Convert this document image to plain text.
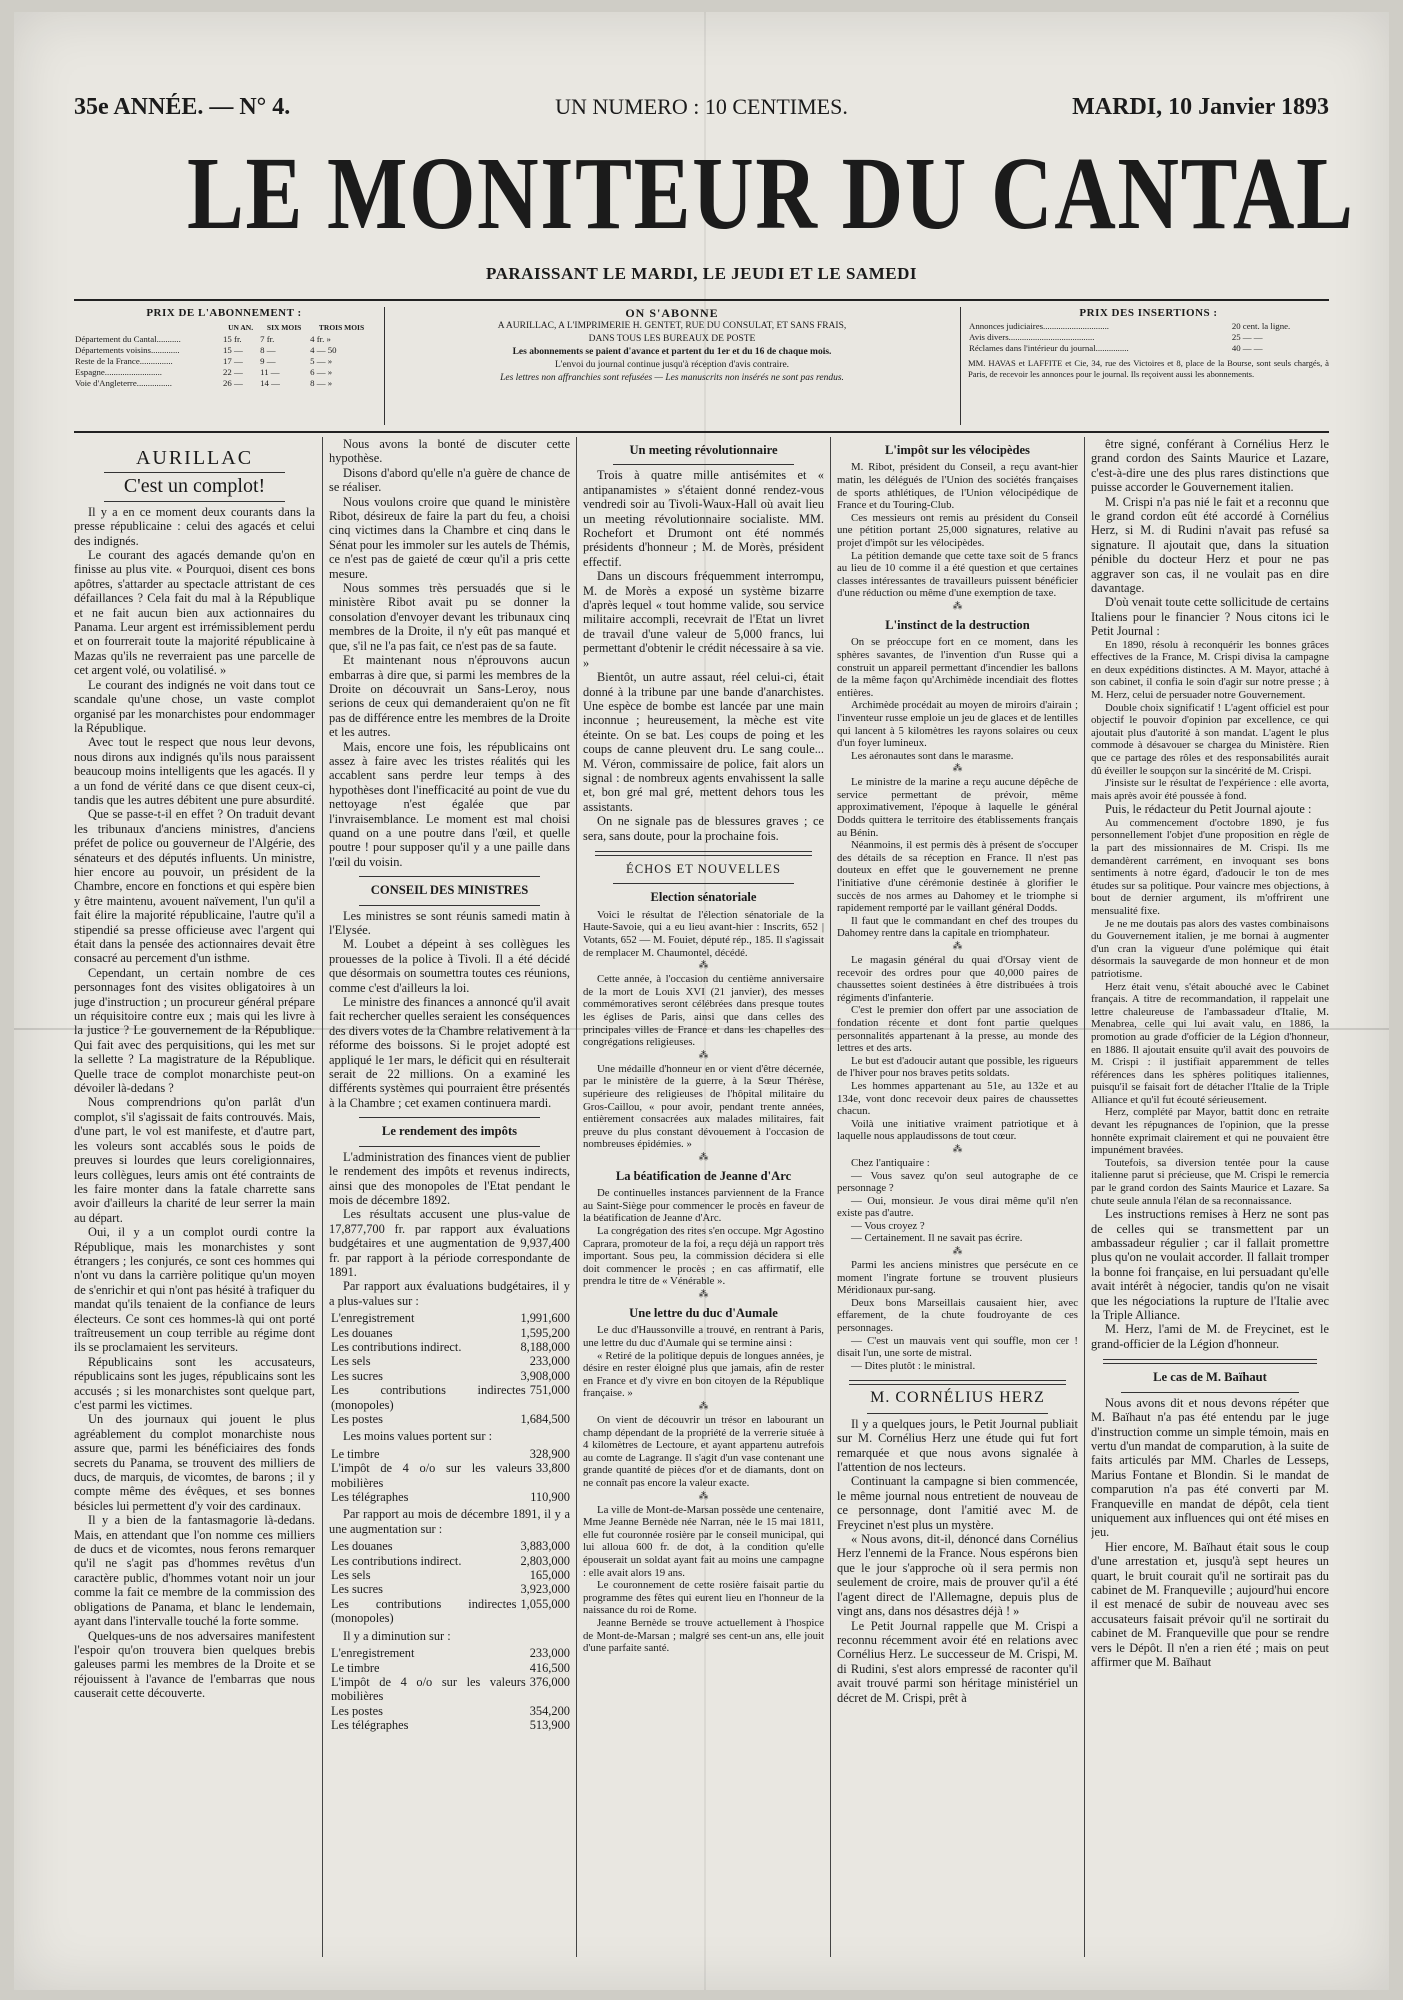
35e ANNÉE. — N° 4.	UN NUMERO : 10 CENTIMES.	MARDI, 10 Janvier 1893
LE MONITEUR DU CANTAL
PARAISSANT LE MARDI, LE JEUDI ET LE SAMEDI
PRIX DE L'ABONNEMENT :
	UN AN.	SIX MOIS	TROIS MOIS
Département du Cantal...........	15 fr.	7 fr.	4 fr. »
Départements voisins.............	15 —	8 —	4 — 50
Reste de la France...............	17 —	9 —	5 — »
Espagne..........................	22 —	11 —	6 — »
Voie d'Angleterre................	26 —	14 —	8 — »
ON S'ABONNE
A AURILLAC, A L'IMPRIMERIE H. GENTET, RUE DU CONSULAT, ET SANS FRAIS,
DANS TOUS LES BUREAUX DE POSTE
Les abonnements se paient d'avance et partent du 1er et du 16 de chaque mois.
L'envoi du journal continue jusqu'à réception d'avis contraire.
Les lettres non affranchies sont refusées — Les manuscrits non insérés ne sont pas rendus.
PRIX DES INSERTIONS :
Annonces judiciaires..............................	20 cent. la ligne.
Avis divers.......................................	25 — —
Réclames dans l'intérieur du journal...............	40 — —
MM. HAVAS et LAFFITE et Cie, 34, rue des Victoires et 8, place de la Bourse, sont seuls chargés, à Paris, de recevoir les annonces pour le journal. Ils reçoivent aussi les abonnements.
AURILLAC
C'est un complot!

Il y a en ce moment deux courants dans la presse républicaine : celui des agacés et celui des indignés.

Le courant des agacés demande qu'on en finisse au plus vite. « Pourquoi, disent ces bons apôtres, s'attarder au spectacle attristant de ces défaillances ? Cela fait du mal à la République et ne fait aucun bien aux actionnaires du Panama. Leur argent est irrémissiblement perdu et on fourrerait toute la majorité républicaine à Mazas qu'ils ne reverraient pas une parcelle de cet argent volé, ou volatilisé. »

Le courant des indignés ne voit dans tout ce scandale qu'une chose, un vaste complot organisé par les monarchistes pour endommager la République.

Avec tout le respect que nous leur devons, nous dirons aux indignés qu'ils nous paraissent beaucoup moins intelligents que les agacés. Il y a un fond de vérité dans ce que disent ceux-ci, tandis que les autres débitent une pure absurdité.

Que se passe-t-il en effet ? On traduit devant les tribunaux d'anciens ministres, d'anciens préfet de police ou gouverneur de l'Algérie, des sénateurs et des députés influents. Un ministre, hier encore au pouvoir, un président de la Chambre, encore en fonctions et qui espère bien y être maintenu, avouent naïvement, l'un qu'il a fait élire la majorité républicaine, l'autre qu'il a stipendié sa presse officieuse avec l'argent qui était dans la pensée des actionnaires devait être consacré au percement d'un isthme.

Cependant, un certain nombre de ces personnages font des visites obligatoires à un juge d'instruction ; un procureur général prépare un réquisitoire contre eux ; mais qui les livre à la justice ? Le gouvernement de la République. Qui fait avec des perquisitions, qui les met sur la sellette ? La magistrature de la République. Quelle trace de complot monarchiste peut-on dévoiler là-dedans ?

Nous comprendrions qu'on parlât d'un complot, s'il s'agissait de faits controuvés. Mais, d'une part, le vol est manifeste, et d'autre part, les voleurs sont accablés sous le poids de preuves si lourdes que leurs coreligionnaires, leurs collègues, leurs amis ont été contraints de les faire monter dans la fatale charrette sans avoir d'ailleurs la charité de leur serrer la main au départ.

Oui, il y a un complot ourdi contre la République, mais les monarchistes y sont étrangers ; les conjurés, ce sont ces hommes qui n'ont vu dans la carrière politique qu'un moyen de s'enrichir et qui n'ont pas hésité à trafiquer du mandat qu'ils tenaient de la confiance de leurs électeurs. Ce sont ces hommes-là qui ont porté traîtreusement un coup terrible au régime dont ils se proclamaient les serviteurs.

Républicains sont les accusateurs, républicains sont les juges, républicains sont les accusés ; si les monarchistes sont quelque part, c'est parmi les victimes.

Un des journaux qui jouent le plus agréablement du complot monarchiste nous assure que, parmi les bénéficiaires des fonds secrets du Panama, se trouvent des milliers de ducs, de marquis, de vicomtes, de barons ; il y compte même des évêques, et ses bonnes bésicles lui permettent d'y voir des cardinaux.

Il y a bien de la fantasmagorie là-dedans. Mais, en attendant que l'on nomme ces milliers de ducs et de vicomtes, nous ferons remarquer qu'il ne s'agit pas d'hommes revêtus d'un caractère public, d'hommes votant noir un jour comme la fait ce membre de la commission des obligations de Panama, et blanc le lendemain, ayant dans l'intervalle touché la forte somme.

Quelques-uns de nos adversaires manifestent l'espoir qu'on trouvera bien quelques brebis galeuses parmi les membres de la Droite et se réjouissent à l'avance de l'embarras que nous causerait cette découverte.

Nous avons la bonté de discuter cette hypothèse.

Disons d'abord qu'elle n'a guère de chance de se réaliser.

Nous voulons croire que quand le ministère Ribot, désireux de faire la part du feu, a choisi cinq victimes dans la Chambre et cinq dans le Sénat pour les immoler sur les autels de Thémis, ce n'est pas de gaieté de cœur qu'il a pris cette mesure.

Nous sommes très persuadés que si le ministère Ribot avait pu se donner la consolation d'envoyer devant les tribunaux cinq membres de la Droite, il n'y eût pas manqué et que, s'il ne l'a pas fait, ce n'est pas de sa faute.

Et maintenant nous n'éprouvons aucun embarras à dire que, si parmi les membres de la Droite on découvrait un Sans-Leroy, nous serions de ceux qui demanderaient qu'on ne fît pas de différence entre les membres de la Droite et les autres.

Mais, encore une fois, les républicains ont assez à faire avec les tristes réalités qui les accablent sans perdre leur temps à des hypothèses dont l'inefficacité au point de vue du nettoyage n'est égalée que par l'invraisemblance. Le moment est mal choisi quand on a une poutre dans l'œil, et quelle poutre ! pour supposer qu'il y a une paille dans l'œil du voisin.

CONSEIL DES MINISTRES

Les ministres se sont réunis samedi matin à l'Elysée.

M. Loubet a dépeint à ses collègues les prouesses de la police à Tivoli. Il a été décidé que désormais on soumettra toutes ces réunions, comme c'est d'ailleurs la loi.

Le ministre des finances a annoncé qu'il avait fait rechercher quelles seraient les conséquences des divers votes de la Chambre relativement à la réforme des boissons. Si le projet adopté est appliqué le 1er mars, le déficit qui en résulterait serait de 22 millions. On a examiné les différents systèmes qui pourraient être présentés à la Chambre ; cet examen continuera mardi.

Le rendement des impôts

L'administration des finances vient de publier le rendement des impôts et revenus indirects, ainsi que des monopoles de l'Etat pendant le mois de décembre 1892.

Les résultats accusent une plus-value de 17,877,700 fr. par rapport aux évaluations budgétaires et une augmentation de 9,937,400 fr. par rapport à la période correspondante de 1891.

Par rapport aux évaluations budgétaires, il y a plus-values sur :

L'enregistrement	1,991,600
Les douanes	1,595,200
Les contributions indirect.	8,188,000
Les sels	233,000
Les sucres	3,908,000
Les contributions indirectes (monopoles)
751,000
Les postes	1,684,500

Les moins values portent sur :

Le timbre	328,900
L'impôt de 4 o/o sur les valeurs mobilières
33,800
Les télégraphes	110,900

Par rapport au mois de décembre 1891, il y a une augmentation sur :

Les douanes	3,883,000
Les contributions indirect.	2,803,000
Les sels	165,000
Les sucres	3,923,000
Les contributions indirectes (monopoles)
1,055,000

Il y a diminution sur :

L'enregistrement	233,000
Le timbre	416,500
L'impôt de 4 o/o sur les valeurs mobilières
376,000
Les postes	354,200
Les télégraphes	513,900
Un meeting révolutionnaire

Trois à quatre mille antisémites et « antipanamistes » s'étaient donné rendez-vous vendredi soir au Tivoli-Waux-Hall où avait lieu un meeting révolutionnaire socialiste. MM. Rochefort et Drumont ont été nommés présidents d'honneur ; M. de Morès, président effectif.

Dans un discours fréquemment interrompu, M. de Morès a exposé un système bizarre d'après lequel « tout homme valide, sou service militaire accompli, recevrait de l'Etat un livret de travail d'une valeur de 5,000 francs, lui permettant d'obtenir le crédit nécessaire à sa vie. »

Bientôt, un autre assaut, réel celui-ci, était donné à la tribune par une bande d'anarchistes. Une espèce de bombe est lancée par une main inconnue ; heureusement, la mèche est vite éteinte. On se bat. Les coups de poing et les coups de canne pleuvent dru. Le sang coule... M. Véron, commissaire de police, fait alors un signal : de nombreux agents envahissent la salle et, bon gré mal gré, mettent dehors tous les assistants.

On ne signale pas de blessures graves ; ce sera, sans doute, pour la prochaine fois.

ÉCHOS ET NOUVELLES
Election sénatoriale

Voici le résultat de l'élection sénatoriale de la Haute-Savoie, qui a eu lieu avant-hier : Inscrits, 652 | Votants, 652 — M. Fouiet, député rép., 185. Il s'agissait de remplacer M. Chaumontel, décédé.

⁂

Cette année, à l'occasion du centième anniversaire de la mort de Louis XVI (21 janvier), des messes commémoratives seront célébrées dans presque toutes les églises de Paris, ainsi que dans celles des principales villes de France et dans les chapelles des congrégations religieuses.

⁂

Une médaille d'honneur en or vient d'être décernée, par le ministère de la guerre, à la Sœur Thérèse, supérieure des religieuses de l'hôpital militaire du Gros-Caillou, « pour avoir, pendant trente années, entièrement consacrées aux malades militaires, fait preuve du plus constant dévouement à l'occasion de nombreuses épidémies. »

⁂
La béatification de Jeanne d'Arc

De continuelles instances parviennent de la France au Saint-Siège pour commencer le procès en faveur de la béatification de Jeanne d'Arc.

La congrégation des rites s'en occupe. Mgr Agostino Caprara, promoteur de la foi, a reçu déjà un rapport très important. Sous peu, la commission décidera si elle doit commencer le procès ; en cas affirmatif, elle prendra le titre de « Vénérable ».

⁂
Une lettre du duc d'Aumale

Le duc d'Haussonville a trouvé, en rentrant à Paris, une lettre du duc d'Aumale qui se termine ainsi :

« Retiré de la politique depuis de longues années, je désire en rester éloigné plus que jamais, afin de rester en France et d'y vivre en bon citoyen de la République française. »

⁂

On vient de découvrir un trésor en labourant un champ dépendant de la propriété de la verrerie située à 4 kilomètres de Lectoure, et ayant appartenu autrefois au comte de Lagrange. Il s'agit d'un vase contenant une grande quantité de pièces d'or et de diamants, dont on ne connaît pas encore la valeur exacte.

⁂

La ville de Mont-de-Marsan possède une centenaire, Mme Jeanne Bernède née Narran, née le 15 mai 1811, elle fut couronnée rosière par le conseil municipal, qui lui alloua 600 fr. de dot, à la condition qu'elle épouserait un soldat ayant fait au moins une campagne : elle avait alors 19 ans.

Le couronnement de cette rosière faisait partie du programme des fêtes qui eurent lieu en l'honneur de la naissance du roi de Rome.

Jeanne Bernède se trouve actuellement à l'hospice de Mont-de-Marsan ; malgré ses cent-un ans, elle jouit d'une parfaite santé.

L'impôt sur les vélocipèdes

M. Ribot, président du Conseil, a reçu avant-hier matin, les délégués de l'Union des sociétés françaises de sports athlétiques, de l'Union vélocipédique de France et du Touring-Club.

Ces messieurs ont remis au président du Conseil une pétition portant 25,000 signatures, relative au projet d'impôt sur les vélocipèdes.

La pétition demande que cette taxe soit de 5 francs au lieu de 10 comme il a été question et que certaines classes intéressantes de travailleurs puissent bénéficier d'une réduction ou même d'une exemption de taxe.

⁂
L'instinct de la destruction

On se préoccupe fort en ce moment, dans les sphères savantes, de l'invention d'un Russe qui a construit un appareil permettant d'incendier les ballons de la même façon qu'Archimède incendiait des flottes entières.

Archimède procédait au moyen de miroirs d'airain ; l'inventeur russe emploie un jeu de glaces et de lentilles qui lancent à 5 kilomètres les rayons solaires ou ceux d'un foyer lumineux.

Les aéronautes sont dans le marasme.

⁂

Le ministre de la marine a reçu aucune dépêche de service permettant de prévoir, même approximativement, l'époque à laquelle le général Dodds quittera le territoire des établissements français au Bénin.

Néanmoins, il est permis dès à présent de s'occuper des détails de sa réception en France. Il n'est pas douteux en effet que le gouvernement ne prenne l'initiative d'une cérémonie destinée à glorifier le succès de nos armes au Dahomey et le triomphe si rapidement remporté par le vaillant général Dodds.

Il faut que le commandant en chef des troupes du Dahomey rentre dans la capitale en triomphateur.

⁂

Le magasin général du quai d'Orsay vient de recevoir des ordres pour que 40,000 paires de chaussettes soient destinées à être distribuées à trois régiments d'infanterie.

C'est le premier don offert par une association de fondation récente et dont font partie quelques personnalités appartenant à la presse, au monde des lettres et des arts.

Le but est d'adoucir autant que possible, les rigueurs de l'hiver pour nos braves petits soldats.

Les hommes appartenant au 51e, au 132e et au 134e, vont donc recevoir deux paires de chaussettes chacun.

Voilà une initiative vraiment patriotique et à laquelle nous applaudissons de tout cœur.

⁂

Chez l'antiquaire :

— Vous savez qu'on seul autographe de ce personnage ?

— Oui, monsieur. Je vous dirai même qu'il n'en existe pas d'autre.

— Vous croyez ?

— Certainement. Il ne savait pas écrire.

⁂

Parmi les anciens ministres que persécute en ce moment l'ingrate fortune se trouvent plusieurs Méridionaux pur-sang.

Deux bons Marseillais causaient hier, avec effarement, de la chute foudroyante de ces personnages.

— C'est un mauvais vent qui souffle, mon cer ! disait l'un, une sorte de mistral.

— Dites plutôt : le ministral.

M. CORNÉLIUS HERZ

Il y a quelques jours, le Petit Journal publiait sur M. Cornélius Herz une étude qui fut fort remarquée et que nous avons signalée à l'attention de nos lecteurs.

Continuant la campagne si bien commencée, le même journal nous entretient de nouveau de ce personnage, dont l'amitié avec M. de Freycinet n'est plus un mystère.

« Nous avons, dit-il, dénoncé dans Cornélius Herz l'ennemi de la France. Nous espérons bien que le jour s'approche où il sera permis non seulement de croire, mais de prouver qu'il a été l'agent direct de l'Allemagne, depuis plus de vingt ans, dans nos désastres déjà ! »

Le Petit Journal rappelle que M. Crispi a reconnu récemment avoir été en relations avec Cornélius Herz. Le successeur de M. Crispi, M. di Rudini, s'est alors empressé de raconter qu'il avait trouvé parmi son héritage ministériel un décret de M. Crispi, prêt à

être signé, conférant à Cornélius Herz le grand cordon des Saints Maurice et Lazare, c'est-à-dire une des plus rares distinctions que puisse accorder le Gouvernement italien.

M. Crispi n'a pas nié le fait et a reconnu que le grand cordon eût été accordé à Cornélius Herz, si M. di Rudini n'avait pas refusé sa signature. Il ajoutait que, dans la situation pénible du docteur Herz et pour ne pas aggraver son cas, il ne voulait pas en dire davantage.

D'où venait toute cette sollicitude de certains Italiens pour le financier ? Nous citons ici le Petit Journal :

En 1890, résolu à reconquérir les bonnes grâces effectives de la France, M. Crispi divisa la campagne en deux expéditions distinctes. A M. Mayor, attaché à son cabinet, il confia le soin d'agir sur notre presse ; à M. Herz, celui de persuader notre Gouvernement.

Double choix significatif ! L'agent officiel est pour objectif le pouvoir d'opinion par excellence, ce qui ajoutait plus d'autorité à son mandat. L'agent le plus commode à désavouer se chargea du Ministère. Rien que ce partage des rôles et des responsabilités aurait dû éveiller le soupçon sur la sincérité de M. Crispi.

J'insiste sur le résultat de l'expérience : elle avorta, mais après avoir été poussée à fond.

Puis, le rédacteur du Petit Journal ajoute :

Au commencement d'octobre 1890, je fus personnellement l'objet d'une proposition en règle de la part des missionnaires de M. Crispi. Ils me demandèrent carrément, en invoquant ses bons sentiments à notre égard, d'adoucir le ton de mes études sur sa politique. Pour vaincre mes objections, à bout de dernier argument, ils m'offrirent une mensualité fixe.

Je ne me doutais pas alors des vastes combinaisons du Gouvernement italien, je me bornai à augmenter d'un cran la vigueur d'une polémique qui était désormais la sauvegarde de mon honneur et de mon patriotisme.

Herz était venu, s'était abouché avec le Cabinet français. A titre de recommandation, il rappelait une lettre chaleureuse de l'ambassadeur d'Italie, M. Menabrea, celle qui lui avait valu, en 1886, la promotion au grade d'officier de la Légion d'honneur, en 1886. Il ajoutait ensuite qu'il avait des pouvoirs de M. Crispi : il justifiait apparemment de telles références dans les sphères politiques italiennes, puisqu'il se faisait fort de détacher l'Italie de la Triple Alliance et qu'il fut écouté sérieusement.

Herz, complété par Mayor, battit donc en retraite devant les répugnances de l'opinion, que la presse honnête exprimait clairement et qui ne pouvaient être impunément bravées.

Toutefois, sa diversion tentée pour la cause italienne parut si précieuse, que M. Crispi le remercia par le grand cordon des Saints Maurice et Lazare. Sa chute seule annula l'élan de sa reconnaissance.

Les instructions remises à Herz ne sont pas de celles qui se transmettent par un ambassadeur régulier ; car il fallait promettre plus qu'on ne voulait accorder. Il fallait tromper la bonne foi française, en lui persuadant qu'elle avait intérêt à négocier, tandis qu'on ne visait que les négociations la rupture de l'Italie avec la Triple Alliance.

M. Herz, l'ami de M. de Freycinet, est le grand-officier de la Légion d'honneur.

Le cas de M. Baïhaut

Nous avons dit et nous devons répéter que M. Baïhaut n'a pas été entendu par le juge d'instruction comme un simple témoin, mais en vertu d'un mandat de comparution, à la suite de faits articulés par MM. Charles de Lesseps, Marius Fontane et Blondin. Si le mandat de comparution n'a pas été converti par M. Franqueville en mandat de dépôt, cela tient uniquement aux influences qui ont été mises en jeu.

Hier encore, M. Baïhaut était sous le coup d'une arrestation et, jusqu'à sept heures un quart, le bruit courait qu'il ne sortirait pas du cabinet de M. Franqueville ; aujourd'hui encore il est menacé de subir de nouveau avec ses accusateurs faisait prévoir qu'il ne sortirait du cabinet de M. Franqueville que pour se rendre vers le Dépôt. Il n'en a rien été ; mais on peut affirmer que M. Baïhaut
